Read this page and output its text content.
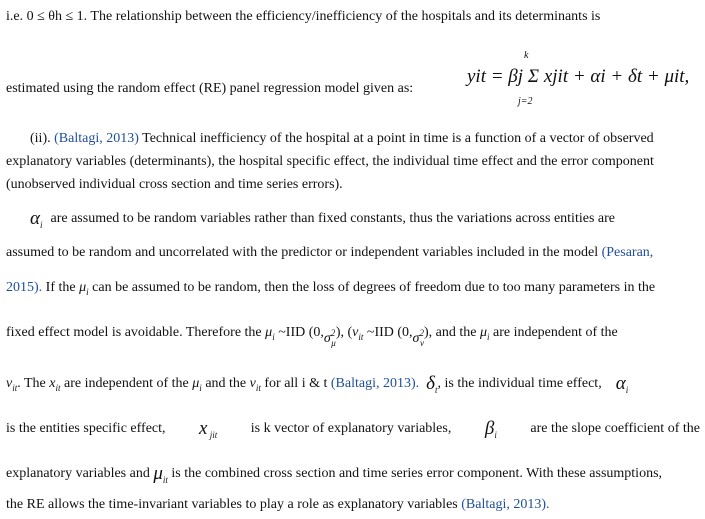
i.e. 0 ≤ θh ≤ 1. The relationship between the efficiency/inefficiency of the hospitals and its determinants is
estimated using the random effect (RE) panel regression model given as:
k
yit = βj Σ xjit + αi + δt + μit,
j=2
(ii). (Baltagi, 2013) Technical inefficiency of the hospital at a point in time is a function of a vector of observed
explanatory variables (determinants), the hospital specific effect, the individual time effect and the error component
(unobserved individual cross section and time series errors).
$\alpha_i$ are assumed to be random variables rather than fixed constants, thus the variations across entities are
assumed to be random and uncorrelated with the predictor or independent variables included in the model (Pesaran,
2015). If the $\mu_i$ can be assumed to be random, then the loss of degrees of freedom due to too many parameters in the
fixed effect model is avoidable. Therefore the $\mu_i$ ~IID (0, $\sigma^2_\mu$
), ( $v_{it}$ ~IID (0, $\sigma^2_v$
), and the $\mu_i$ are independent of the
$v_{it}$ . The $x_{it}$ are independent of the $\mu_i$ and the $v_{it}$ for all i & t (Baltagi, 2013).
$\delta_t$ , is the individual time effect, $\alpha_i$
is the entities specific effect, x $_{jit}$ is k vector of explanatory variables, $\beta_i$ are the slope coefficient of the
explanatory variables and $\mu_{it}$ is the combined cross section and time series error component. With these assumptions,
the RE allows the time-invariant variables to play a role as explanatory variables (Baltagi, 2013).
